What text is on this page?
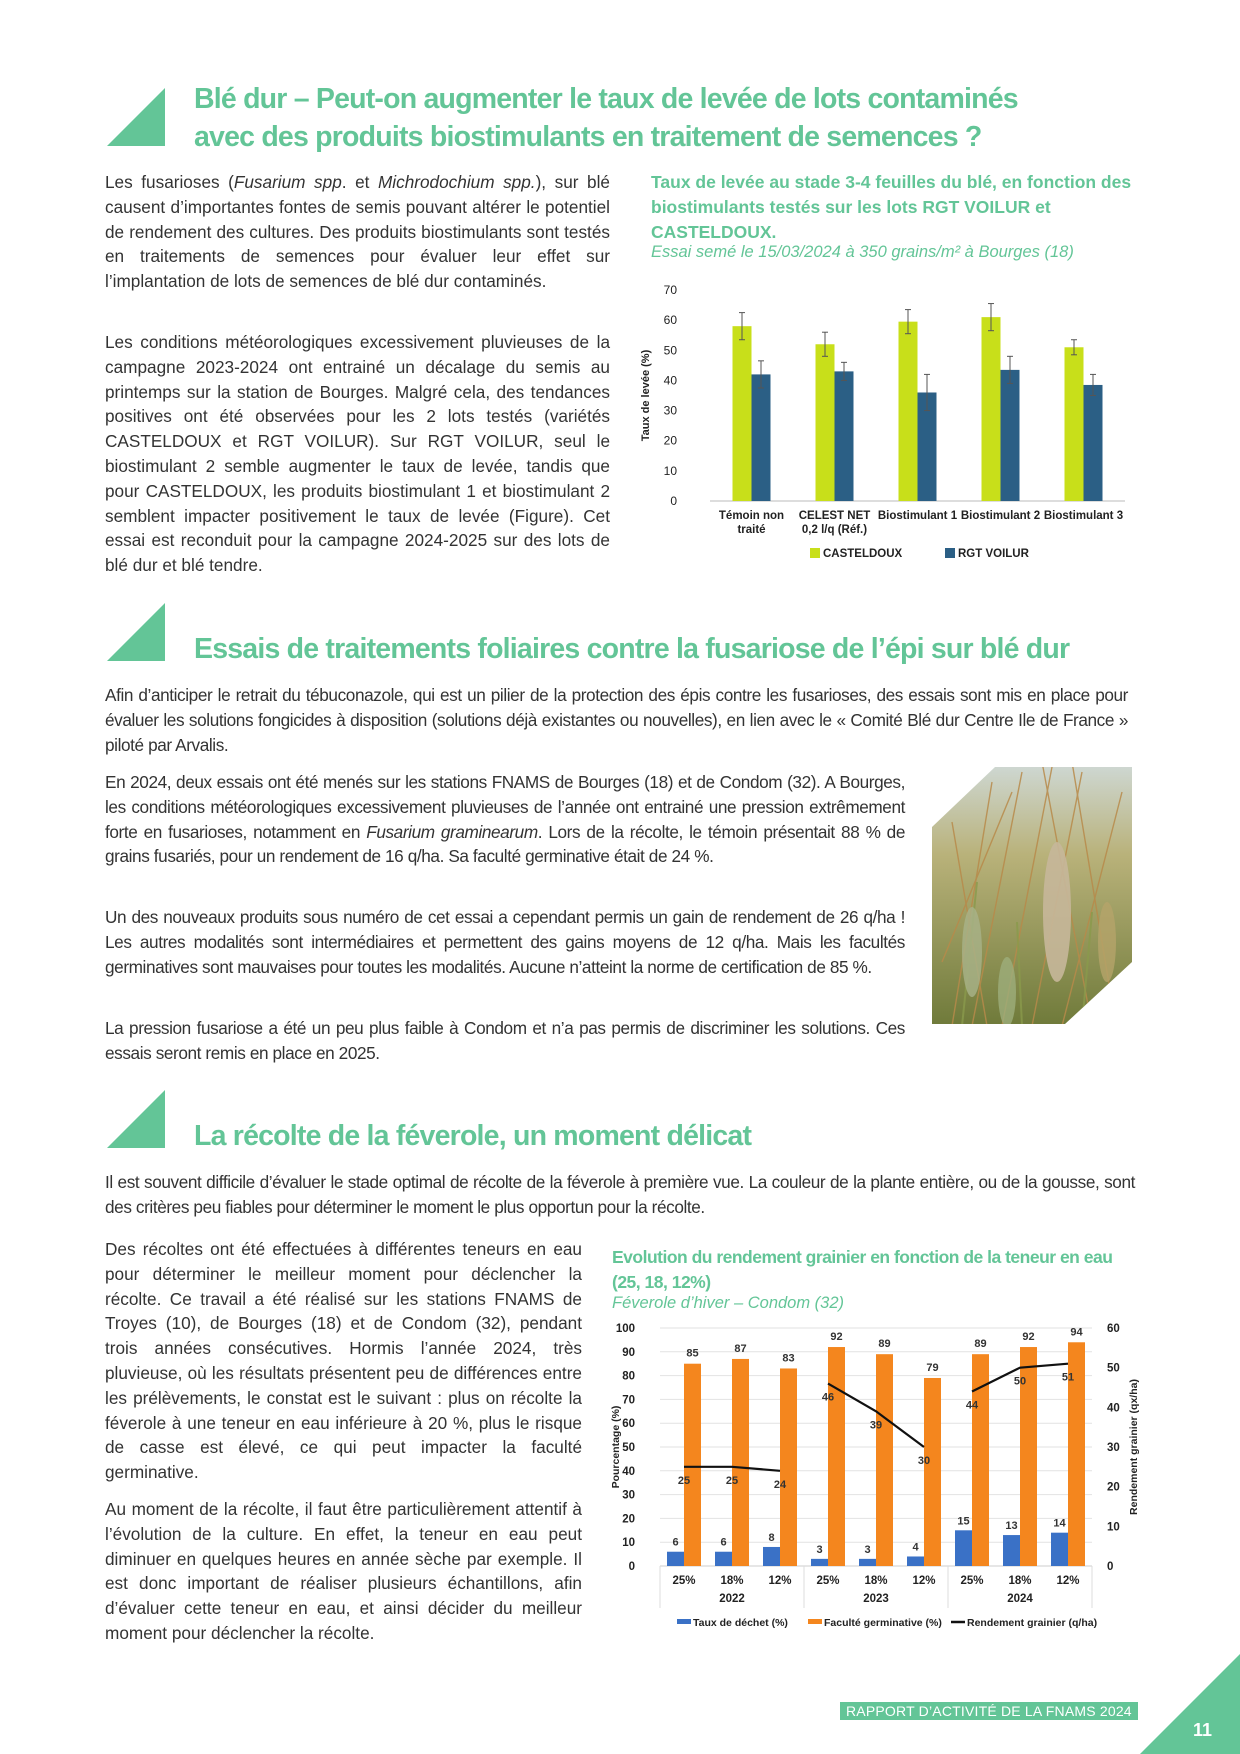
Blé dur – Peut-on augmenter le taux de levée de lots contaminés
avec des produits biostimulants en traitement de semences ?

Les fusarioses (Fusarium spp. et Michrodochium spp.), sur blé causent d’importantes fontes de semis pouvant altérer le potentiel de rendement des cultures. Des produits biostimulants sont testés en traitements de semences pour évaluer leur effet sur l’implantation de lots de semences de blé dur contaminés.

Les conditions météorologiques excessivement pluvieuses de la campagne 2023-2024 ont entrainé un décalage du semis au printemps sur la station de Bourges. Malgré cela, des tendances positives ont été observées pour les 2 lots testés (variétés CASTELDOUX et RGT VOILUR). Sur RGT VOILUR, seul le biostimulant 2 semble augmenter le taux de levée, tandis que pour CASTELDOUX, les produits biostimulant 1 et biostimulant 2 semblent impacter positivement le taux de levée (Figure). Cet essai est reconduit pour la campagne 2024-2025 sur des lots de blé dur et blé tendre.

Taux de levée au stade 3-4 feuilles du blé, en fonction des biostimulants testés sur les lots RGT VOILUR et CASTELDOUX.
Essai semé le 15/03/2024 à 350 grains/m² à Bourges (18)
0
10
20
30
40
50
60
70
Taux de levée (%)
Témoin non
traité
CELEST NET
0,2 l/q (Réf.)
Biostimulant 1 Biostimulant 2 Biostimulant 3
CASTELDOUX	RGT VOILUR
Essais de traitements foliaires contre la fusariose de l’épi sur blé dur

Afin d’anticiper le retrait du tébuconazole, qui est un pilier de la protection des épis contre les fusarioses, des essais sont mis en place pour évaluer les solutions fongicides à disposition (solutions déjà existantes ou nouvelles), en lien avec le « Comité Blé dur Centre Ile de France » piloté par Arvalis.

En 2024, deux essais ont été menés sur les stations FNAMS de Bourges (18) et de Condom (32). A Bourges, les conditions météorologiques excessivement pluvieuses de l’année ont entrainé une pression extrêmement forte en fusarioses, notamment en Fusarium graminearum. Lors de la récolte, le témoin présentait 88 % de grains fusariés, pour un rendement de 16 q/ha. Sa faculté germinative était de 24 %.

Un des nouveaux produits sous numéro de cet essai a cependant permis un gain de rendement de 26 q/ha ! Les autres modalités sont intermédiaires et permettent des gains moyens de 12 q/ha. Mais les facultés germinatives sont mauvaises pour toutes les modalités. Aucune n’atteint la norme de certification de 85 %.

La pression fusariose a été un peu plus faible à Condom et n’a pas permis de discriminer les solutions. Ces essais seront remis en place en 2025.

La récolte de la féverole, un moment délicat

Il est souvent difficile d’évaluer le stade optimal de récolte de la féverole à première vue. La couleur de la plante entière, ou de la gousse, sont des critères peu fiables pour déterminer le moment le plus opportun pour la récolte.

Des récoltes ont été effectuées à différentes teneurs en eau pour déterminer le meilleur moment pour déclencher la récolte. Ce travail a été réalisé sur les stations FNAMS de Troyes (10), de Bourges (18) et de Condom (32), pendant trois années consécutives. Hormis l’année 2024, très pluvieuse, où les résultats présentent peu de différences entre les prélèvements, le constat est le suivant : plus on récolte la féverole à une teneur en eau inférieure à 20 %, plus le risque de casse est élevé, ce qui peut impacter la faculté germinative.

Au moment de la récolte, il faut être particulièrement attentif à l’évolution de la culture. En effet, la teneur en eau peut diminuer en quelques heures en année sèche par exemple. Il est donc important de réaliser plusieurs échantillons, afin d’évaluer cette teneur en eau, et ainsi décider du meilleur moment pour déclencher la récolte.

Evolution du rendement grainier en fonction de la teneur en eau (25, 18, 12%)
Féverole d’hiver – Condom (32)
0
10
20
30
40
50
60
70
80
90
100
0
10
20
30
40
50
60
Pourcentage (%)	Rendement grainier (qx/ha)
6
85
25%
6
87
18%
8
83
12%
3
92
25%
3
89
18%
4
79
12%
15
89
25%
13
92
18%
14
94
12%
2022	2023	2024
25	25	24
46
39
30
44
50	51
Taux de déchet (%)	Faculté germinative (%) Rendement grainier (q/ha)
RAPPORT D’ACTIVITÉ DE LA FNAMS 2024
11
